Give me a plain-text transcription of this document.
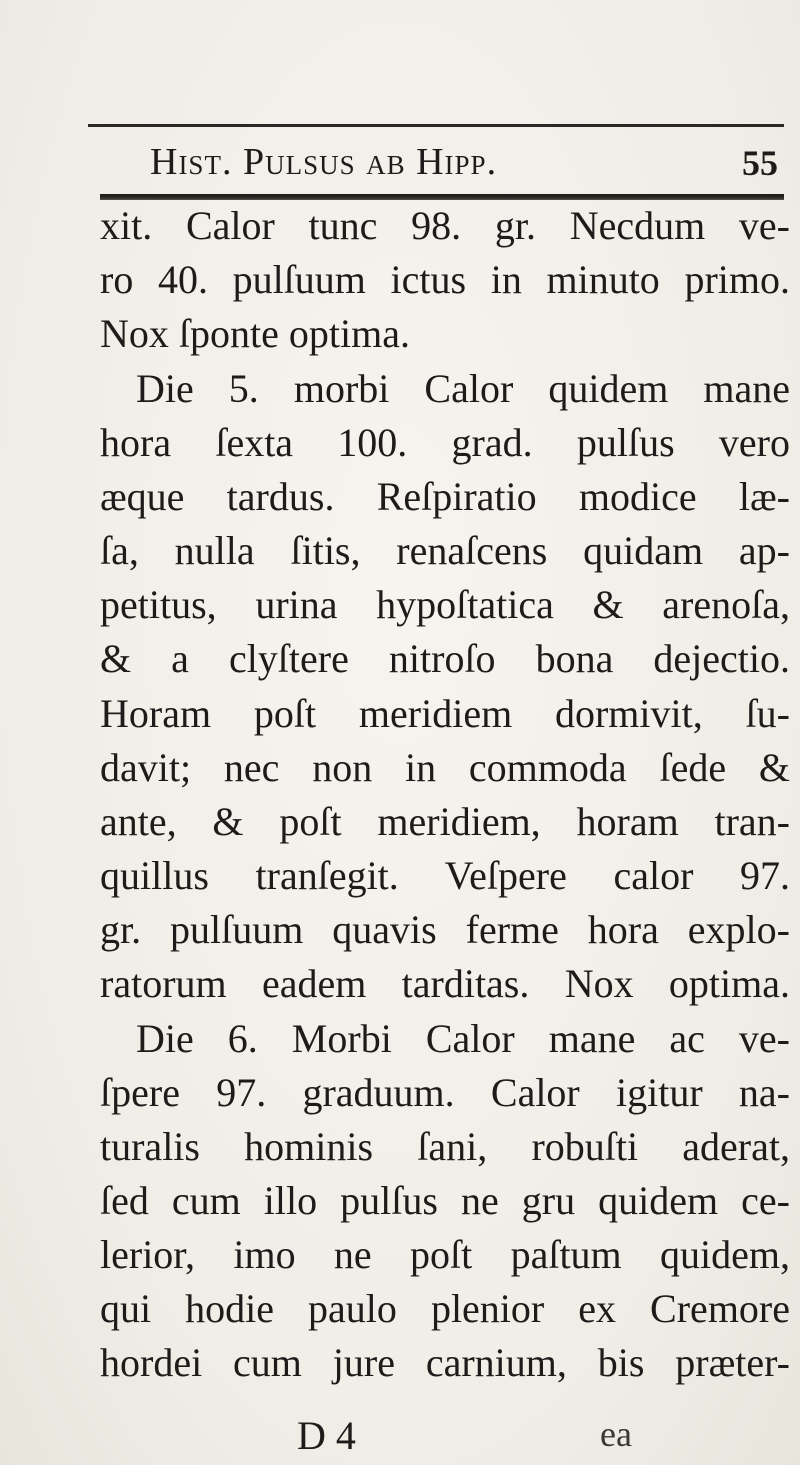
Hist. Pulsus ab Hipp.	55
xit. Calor tunc 98. gr. Necdum ve-
ro 40. pulſuum ictus in minuto primo.
Nox ſponte optima.
Die 5. morbi Calor quidem mane
hora ſexta 100. grad. pulſus vero
æque tardus. Reſpiratio modice læ-
ſa, nulla ſitis, renaſcens quidam ap-
petitus, urina hypoſtatica & arenoſa,
& a clyſtere nitroſo bona dejectio.
Horam poſt meridiem dormivit, ſu-
davit; nec non in commoda ſede &
ante, & poſt meridiem, horam tran-
quillus tranſegit. Veſpere calor 97.
gr. pulſuum quavis ferme hora explo-
ratorum eadem tarditas. Nox optima.
Die 6. Morbi Calor mane ac ve-
ſpere 97. graduum. Calor igitur na-
turalis hominis ſani, robuſti aderat,
ſed cum illo pulſus ne gru quidem ce-
lerior, imo ne poſt paſtum quidem,
qui hodie paulo plenior ex Cremore
hordei cum jure carnium, bis præter-
D 4	ea
